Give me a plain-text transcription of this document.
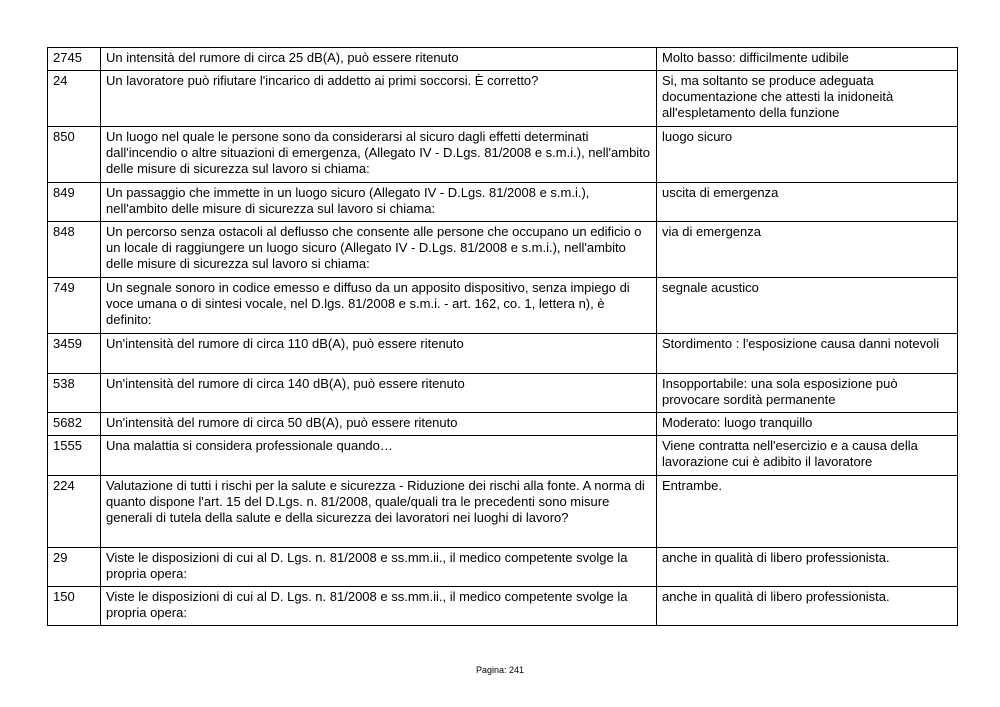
2745	Un intensità del rumore di circa 25 dB(A), può essere ritenuto	Molto basso: difficilmente udibile
24	Un lavoratore può rifiutare l'incarico di addetto ai primi soccorsi. È corretto?	Si, ma soltanto se produce adeguata documentazione che attesti la inidoneità all'espletamento della funzione
850	Un luogo nel quale le persone sono da considerarsi al sicuro dagli effetti determinati dall'incendio o altre situazioni di emergenza, (Allegato IV - D.Lgs. 81/2008 e s.m.i.), nell'ambito delle misure di sicurezza sul lavoro si chiama:	luogo sicuro
849	Un passaggio che immette in un luogo sicuro (Allegato IV - D.Lgs. 81/2008 e s.m.i.), nell'ambito delle misure di sicurezza sul lavoro si chiama:	uscita di emergenza
848	Un percorso senza ostacoli al deflusso che consente alle persone che occupano un edificio o un locale di raggiungere un luogo sicuro (Allegato IV - D.Lgs. 81/2008 e s.m.i.), nell'ambito delle misure di sicurezza sul lavoro si chiama:	via di emergenza
749	Un segnale sonoro in codice emesso e diffuso da un apposito dispositivo, senza impiego di voce umana o di sintesi vocale, nel D.lgs. 81/2008 e s.m.i. - art. 162, co. 1, lettera n), è definito:	segnale acustico
3459	Un'intensità del rumore di circa 110 dB(A), può essere ritenuto	Stordimento : l'esposizione causa danni notevoli
538	Un'intensità del rumore di circa 140 dB(A), può essere ritenuto	Insopportabile: una sola esposizione può provocare sordità permanente
5682	Un'intensità del rumore di circa 50 dB(A), può essere ritenuto	Moderato: luogo tranquillo
1555	Una malattia si considera professionale quando…	Viene contratta nell'esercizio e a causa della lavorazione cui è adibito il lavoratore
224	Valutazione di tutti i rischi per la salute e sicurezza - Riduzione dei rischi alla fonte. A norma di quanto dispone l'art. 15 del D.Lgs. n. 81/2008, quale/quali tra le precedenti sono misure generali di tutela della salute e della sicurezza dei lavoratori nei luoghi di lavoro?	Entrambe.
29	Viste le disposizioni di cui al D. Lgs. n. 81/2008 e ss.mm.ii., il medico competente svolge la propria opera:	anche in qualità di libero professionista.
150	Viste le disposizioni di cui al D. Lgs. n. 81/2008 e ss.mm.ii., il medico competente svolge la propria opera:	anche in qualità di libero professionista.
Pagina: 241
